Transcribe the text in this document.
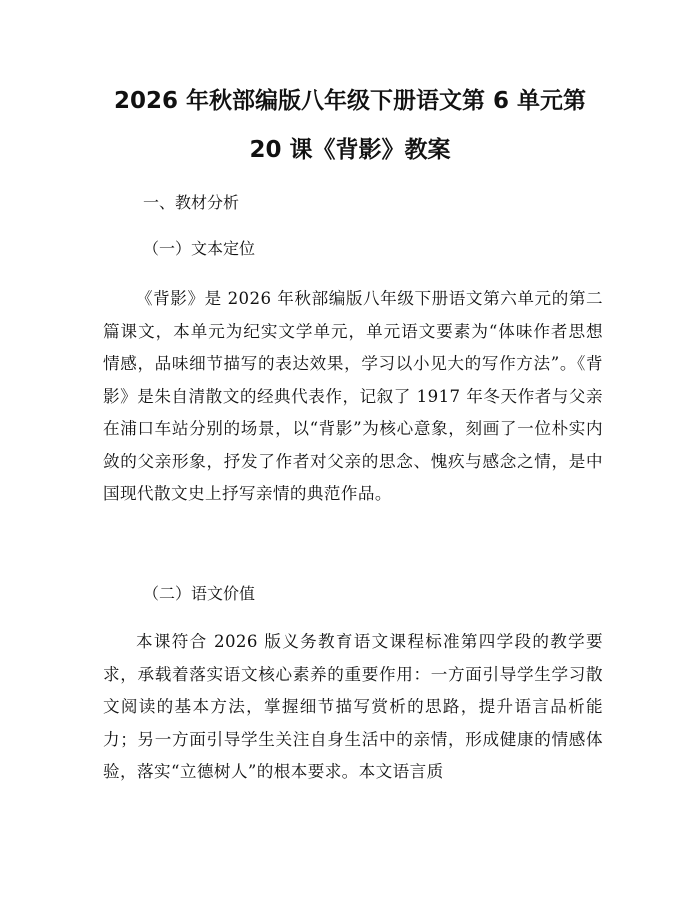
2026 年秋部编版八年级下册语文第 6 单元第
20 课《背影》教案
一、教材分析
（一）文本定位

《背影》是 2026 年秋部编版八年级下册语文第六单元的第二篇课文，本单元为纪实文学单元，单元语文要素为“体味作者思想情感，品味细节描写的表达效果，学习以小见大的写作方法”。《背影》是朱自清散文的经典代表作，记叙了 1917 年冬天作者与父亲在浦口车站分别的场景，以“背影”为核心意象，刻画了一位朴实内敛的父亲形象，抒发了作者对父亲的思念、愧疚与感念之情，是中国现代散文史上抒写亲情的典范作品。

（二）语文价值

本课符合 2026 版义务教育语文课程标准第四学段的教学要求，承载着落实语文核心素养的重要作用：一方面引导学生学习散文阅读的基本方法，掌握细节描写赏析的思路，提升语言品析能力；另一方面引导学生关注自身生活中的亲情，形成健康的情感体验，落实“立德树人”的根本要求。本文语言质
